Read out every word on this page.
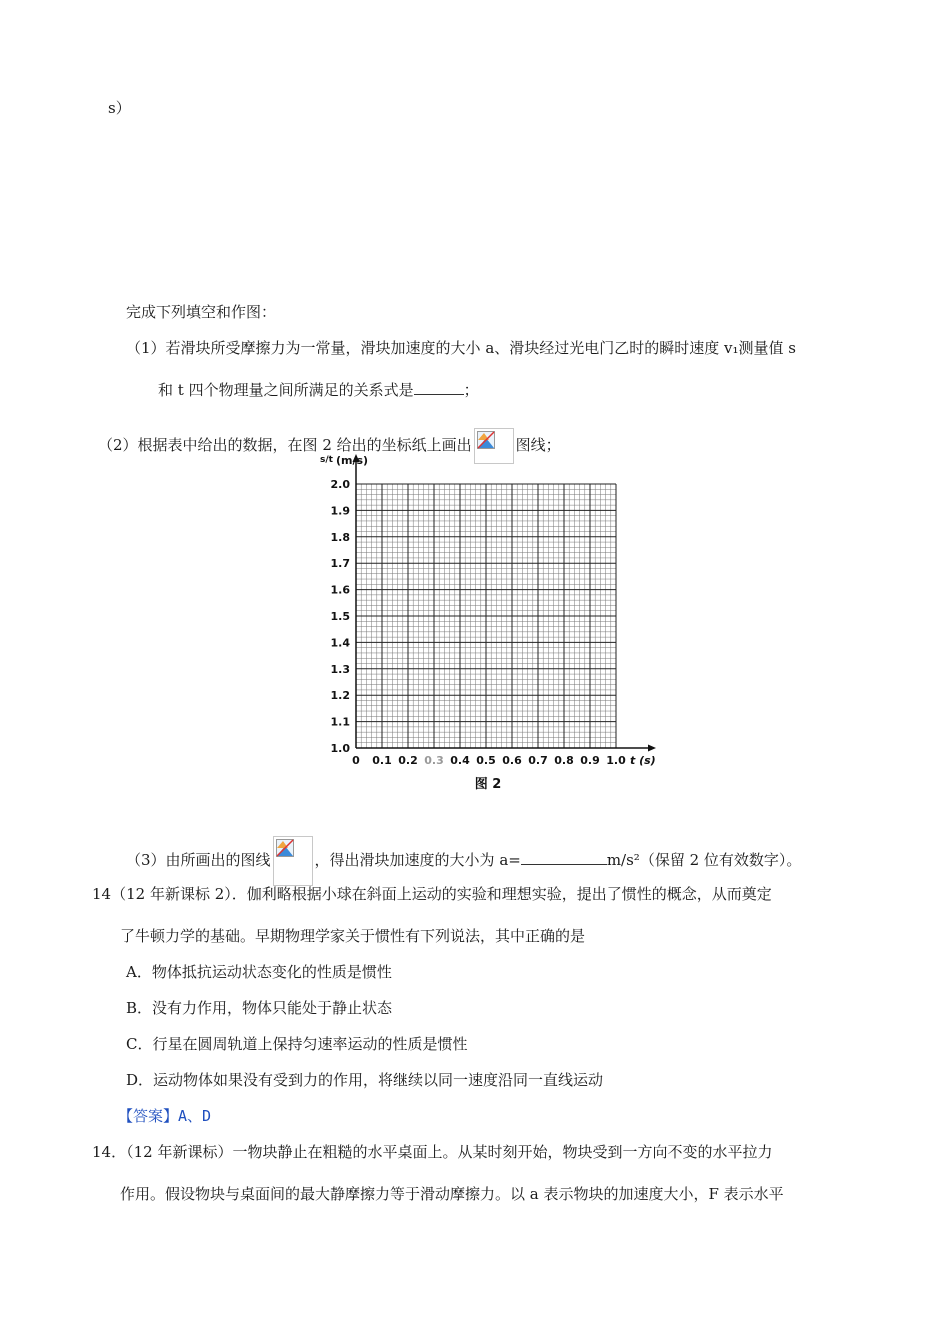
s）
完成下列填空和作图：
（1）若滑块所受摩擦力为一常量，滑块加速度的大小 a、滑块经过光电门乙时的瞬时速度 v₁测量值 s
和 t 四个物理量之间所满足的关系式是	；
（2）根据表中给出的数据，在图 2 给出的坐标纸上画出	图线；
1.0
1.1
1.2
1.3
1.4
1.5
1.6
1.7
1.8
1.9
2.0
0 0.1 0.2 0.3 0.4 0.5 0.6 0.7 0.8 0.9 1.0
s/t (m/s)
t (s)
图 2
（3）由所画出的图线	，得出滑块加速度的大小为 a=	m/s²（保留 2 位有效数字）。
14（12 年新课标 2）．伽利略根据小球在斜面上运动的实验和理想实验，提出了惯性的概念，从而奠定
了牛顿力学的基础。早期物理学家关于惯性有下列说法，其中正确的是
A．物体抵抗运动状态变化的性质是惯性
B．没有力作用，物体只能处于静止状态
C．行星在圆周轨道上保持匀速率运动的性质是惯性
D．运动物体如果没有受到力的作用，将继续以同一速度沿同一直线运动
【答案】A、D
14．（12 年新课标）一物块静止在粗糙的水平桌面上。从某时刻开始，物块受到一方向不变的水平拉力
作用。假设物块与桌面间的最大静摩擦力等于滑动摩擦力。以 a 表示物块的加速度大小，F 表示水平
